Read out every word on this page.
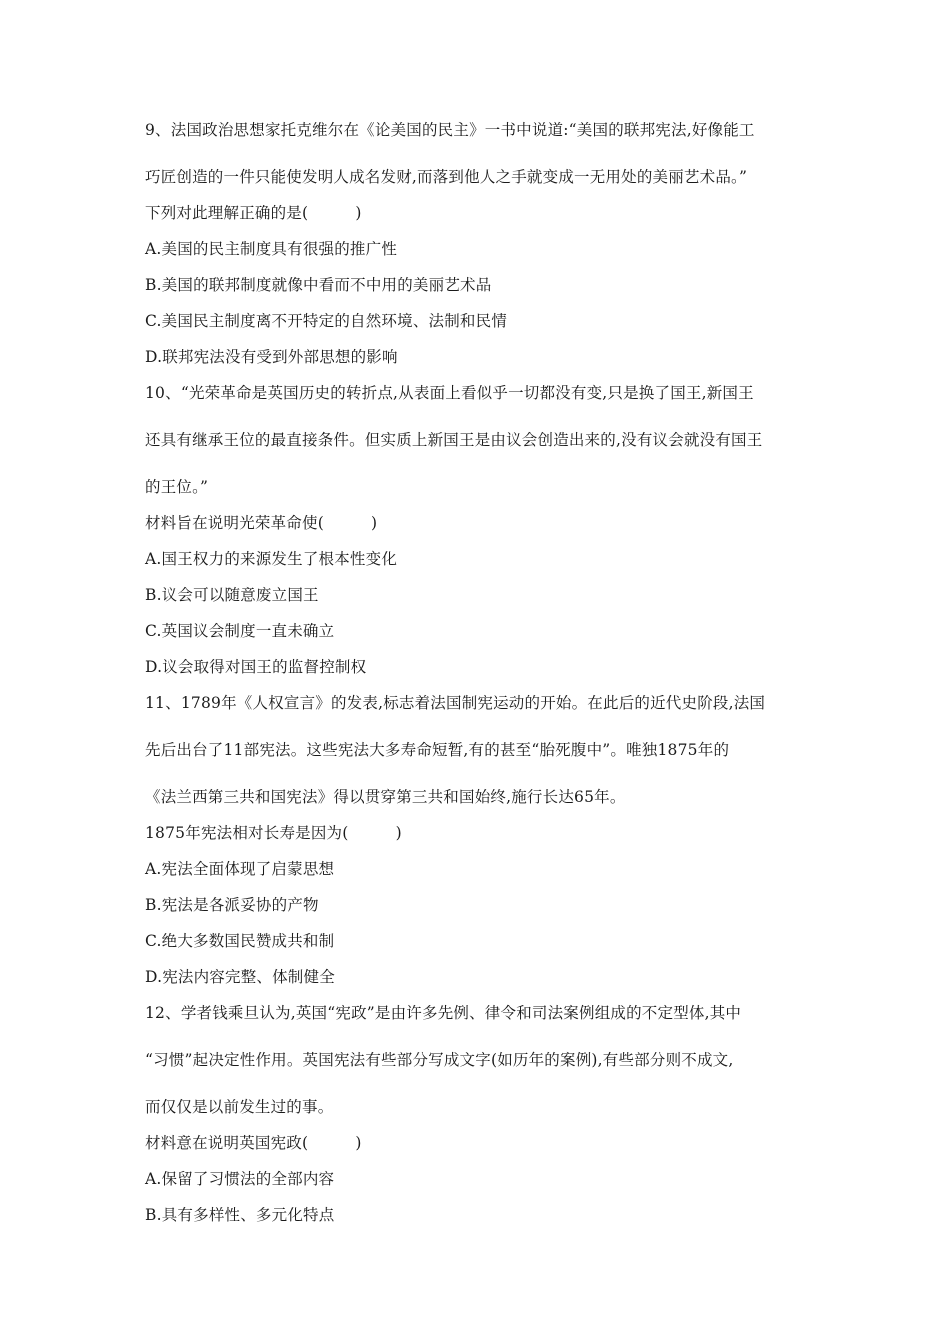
9、法国政治思想家托克维尔在《论美国的民主》一书中说道:“美国的联邦宪法,好像能工
巧匠创造的一件只能使发明人成名发财,而落到他人之手就变成一无用处的美丽艺术品。”
下列对此理解正确的是(　　　)
A.美国的民主制度具有很强的推广性
B.美国的联邦制度就像中看而不中用的美丽艺术品
C.美国民主制度离不开特定的自然环境、法制和民情
D.联邦宪法没有受到外部思想的影响
10、“光荣革命是英国历史的转折点,从表面上看似乎一切都没有变,只是换了国王,新国王
还具有继承王位的最直接条件。但实质上新国王是由议会创造出来的,没有议会就没有国王
的王位。”
材料旨在说明光荣革命使(　　　)
A.国王权力的来源发生了根本性变化
B.议会可以随意废立国王
C.英国议会制度一直未确立
D.议会取得对国王的监督控制权
11、1789年《人权宣言》的发表,标志着法国制宪运动的开始。在此后的近代史阶段,法国
先后出台了11部宪法。这些宪法大多寿命短暂,有的甚至“胎死腹中”。唯独1875年的
《法兰西第三共和国宪法》得以贯穿第三共和国始终,施行长达65年。
1875年宪法相对长寿是因为(　　　)
A.宪法全面体现了启蒙思想
B.宪法是各派妥协的产物
C.绝大多数国民赞成共和制
D.宪法内容完整、体制健全
12、学者钱乘旦认为,英国“宪政”是由许多先例、律令和司法案例组成的不定型体,其中
“习惯”起决定性作用。英国宪法有些部分写成文字(如历年的案例),有些部分则不成文,
而仅仅是以前发生过的事。
材料意在说明英国宪政(　　　)
A.保留了习惯法的全部内容
B.具有多样性、多元化特点
